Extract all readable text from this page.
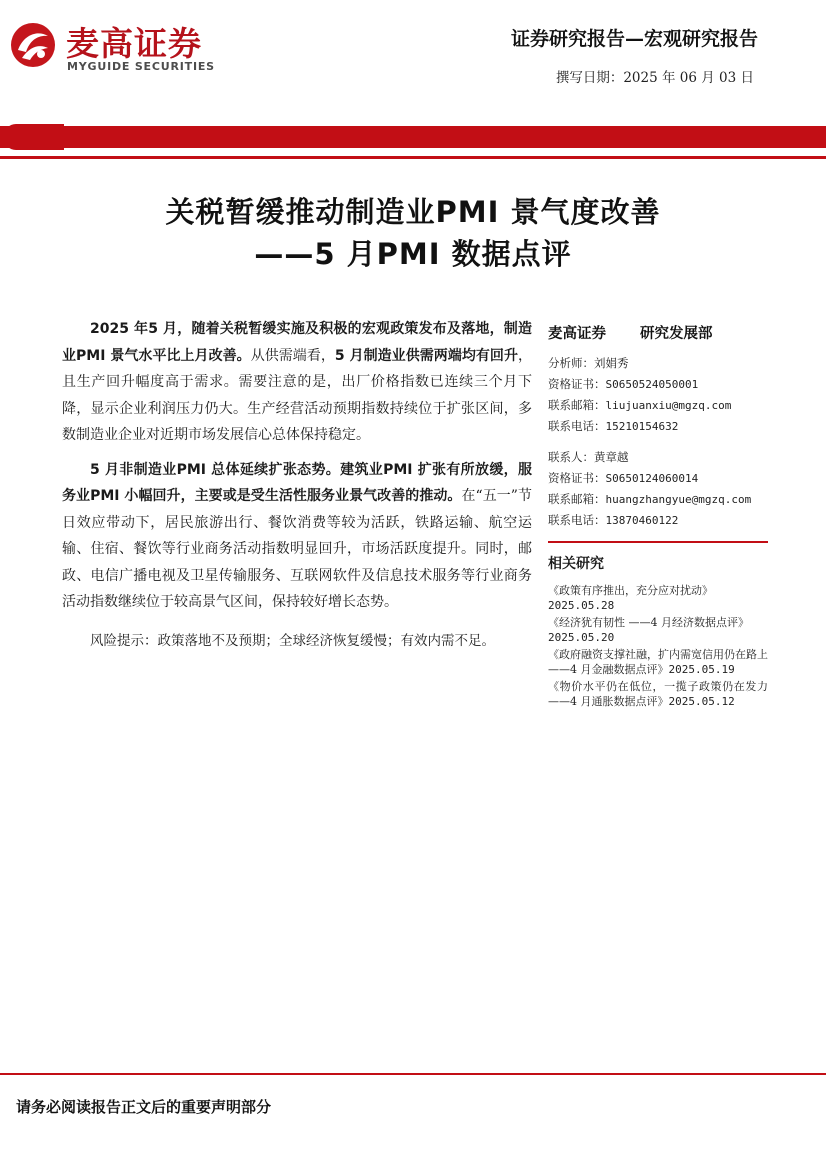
麦高证券
MYGUIDE SECURITIES
证券研究报告—宏观研究报告
撰写日期：2025 年 06 月 03 日
关税暂缓推动制造业PMI 景气度改善
——5 月PMI 数据点评

2025 年5 月，随着关税暂缓实施及积极的宏观政策发布及落地，制造业PMI 景气水平比上月改善。从供需端看，5 月制造业供需两端均有回升，且生产回升幅度高于需求。需要注意的是，出厂价格指数已连续三个月下降，显示企业利润压力仍大。生产经营活动预期指数持续位于扩张区间，多数制造业企业对近期市场发展信心总体保持稳定。

5 月非制造业PMI 总体延续扩张态势。建筑业PMI 扩张有所放缓，服务业PMI 小幅回升，主要或是受生活性服务业景气改善的推动。在“五一”节日效应带动下，居民旅游出行、餐饮消费等较为活跃，铁路运输、航空运输、住宿、餐饮等行业商务活动指数明显回升，市场活跃度提升。同时，邮政、电信广播电视及卫星传输服务、互联网软件及信息技术服务等行业商务活动指数继续位于较高景气区间，保持较好增长态势。

风险提示：政策落地不及预期；全球经济恢复缓慢；有效内需不足。

麦高证券 研究发展部
分析师：刘娟秀
资格证书：S0650524050001
联系邮箱：liujuanxiu@mgzq.com
联系电话：15210154632
联系人：黄章越
资格证书：S0650124060014
联系邮箱：huangzhangyue@mgzq.com
联系电话：13870460122
相关研究
《政策有序推出，充分应对扰动》
2025.05.28
《经济犹有韧性 ——4 月经济数据点评》
2025.05.20
《政府融资支撑社融，扩内需宽信用仍在路上——4 月金融数据点评》2025.05.19
《物价水平仍在低位，一揽子政策仍在发力——4 月通胀数据点评》2025.05.12
请务必阅读报告正文后的重要声明部分
